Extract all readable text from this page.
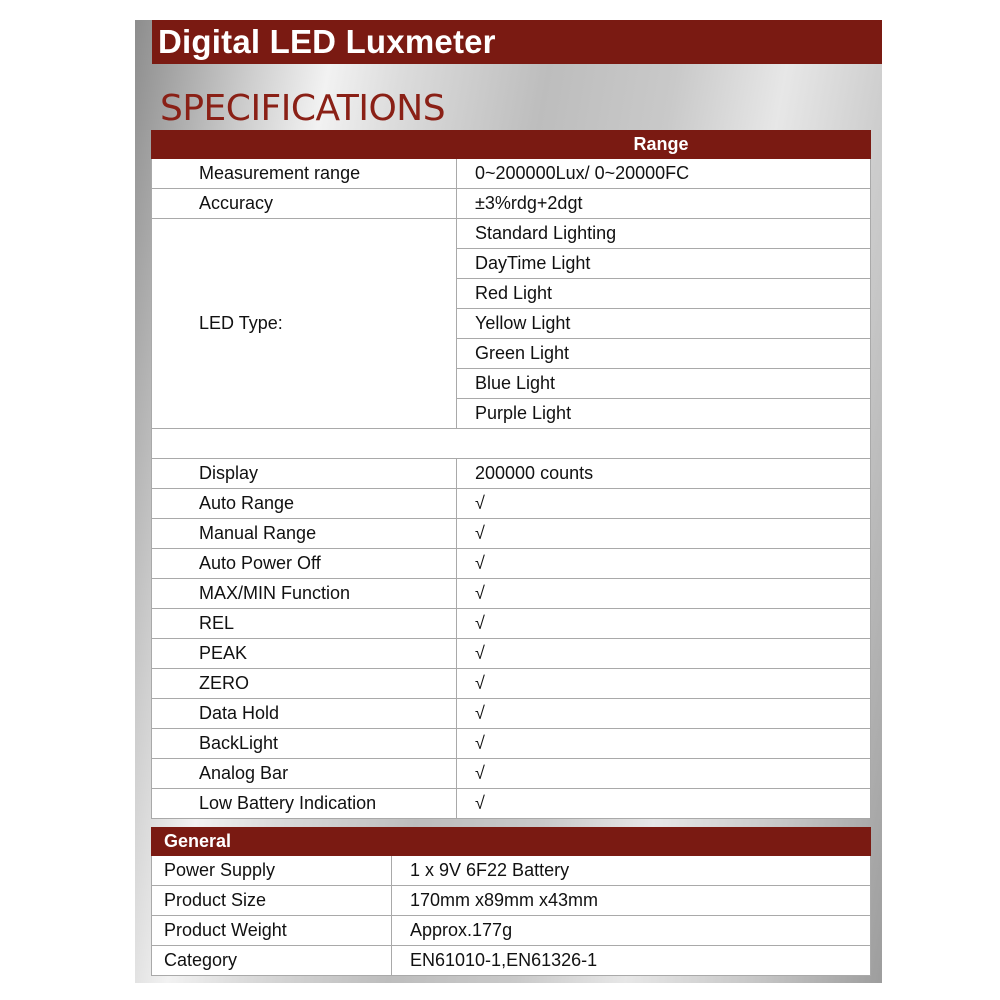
Digital LED Luxmeter
SPECIFICATIONS
Range	
Measurement range	0~200000Lux/ 0~20000FC
Accuracy	±3%rdg+2dgt
LED Type:	Standard Lighting
	DayTime Light
	Red Light
	Yellow Light
	Green Light
	Blue Light
	Purple Light

Display	200000 counts
Auto Range	√
Manual Range	√
Auto Power Off	√
MAX/MIN Function	√
REL	√
PEAK	√
ZERO	√
Data Hold	√
BackLight	√
Analog Bar	√
Low Battery Indication	√
General	
Power Supply	1 x 9V 6F22 Battery
Product Size	170mm x89mm x43mm
Product Weight	Approx.177g
Category	EN61010-1,EN61326-1
